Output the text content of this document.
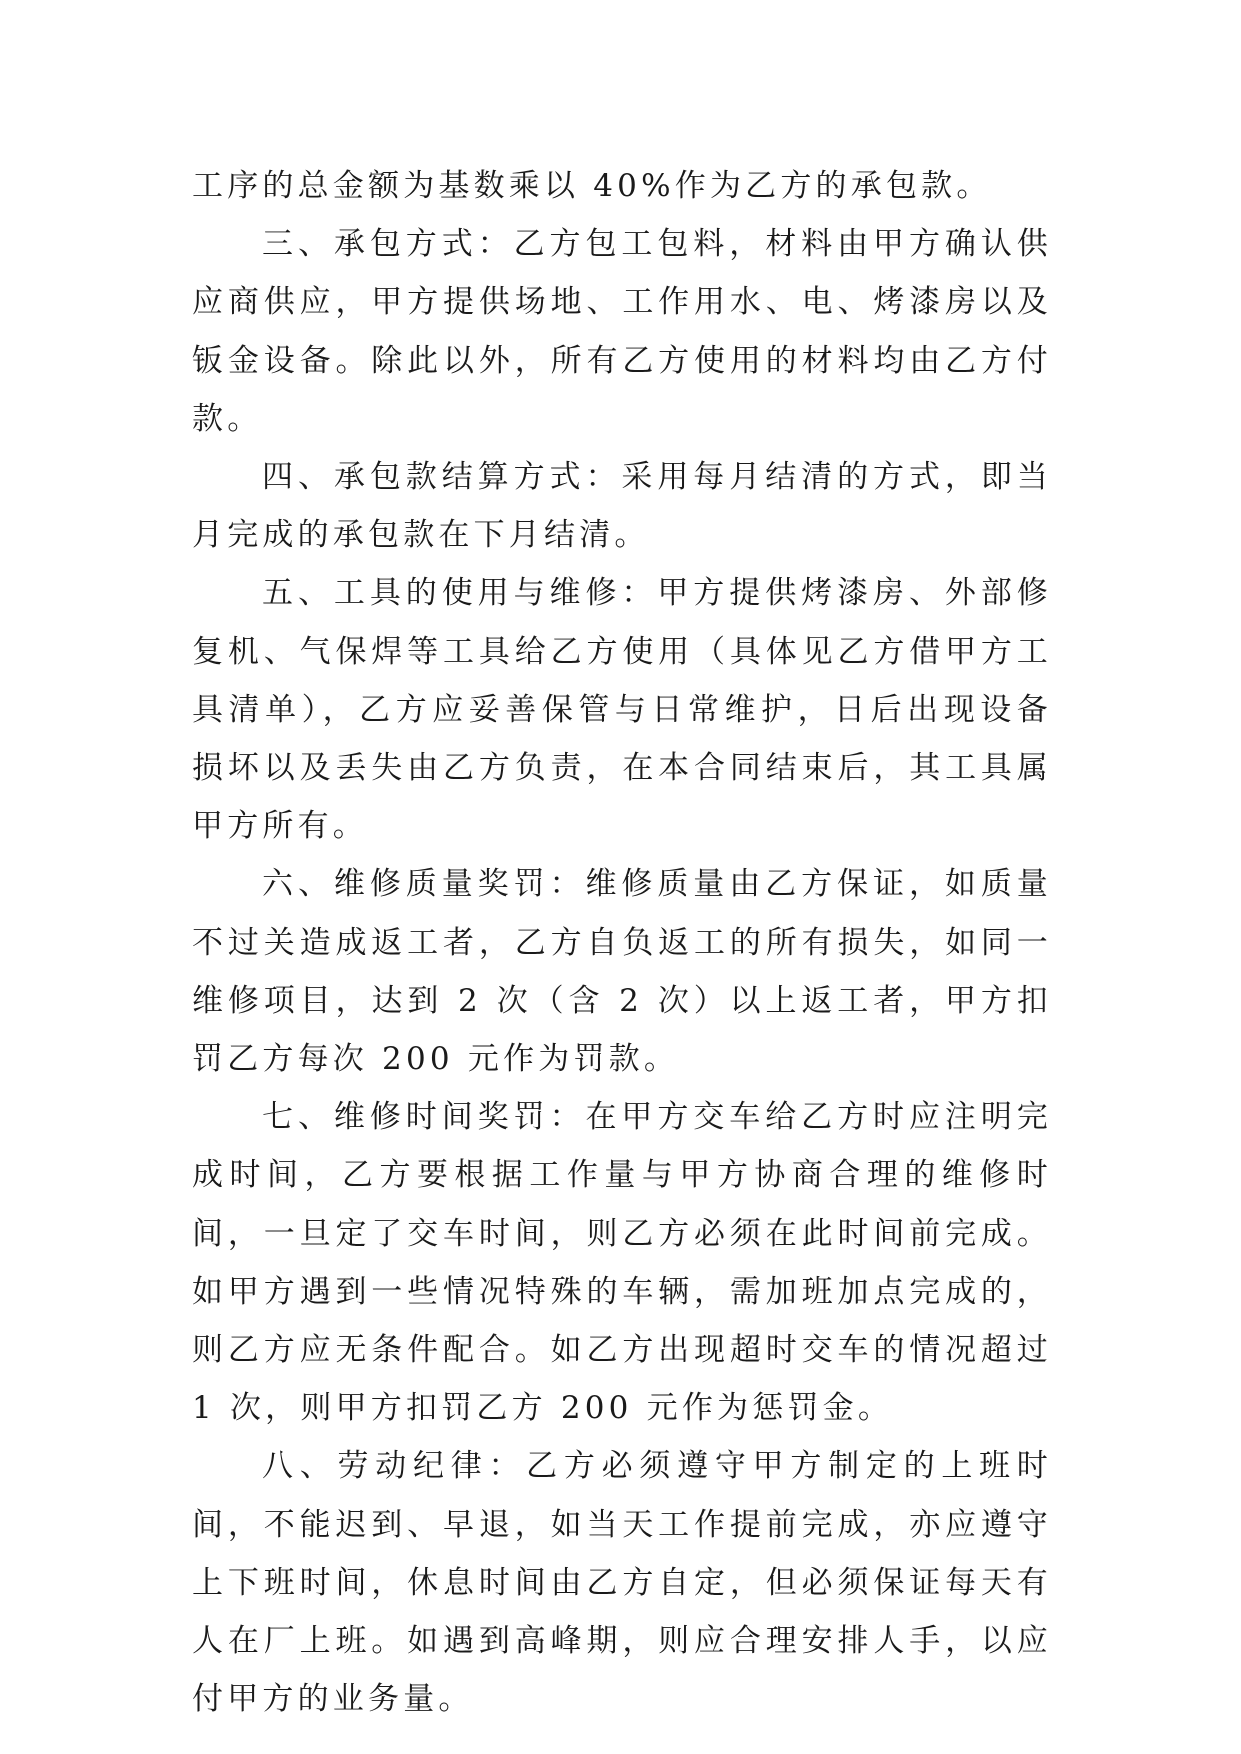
工序的总金额为基数乘以 40%作为乙方的承包款。

三、承包方式：乙方包工包料，材料由甲方确认供应商供应，甲方提供场地、工作用水、电、烤漆房以及钣金设备。除此以外，所有乙方使用的材料均由乙方付款。

四、承包款结算方式：采用每月结清的方式，即当月完成的承包款在下月结清。

五、工具的使用与维修：甲方提供烤漆房、外部修复机、气保焊等工具给乙方使用（具体见乙方借甲方工具清单），乙方应妥善保管与日常维护，日后出现设备损坏以及丢失由乙方负责，在本合同结束后，其工具属甲方所有。

六、维修质量奖罚：维修质量由乙方保证，如质量不过关造成返工者，乙方自负返工的所有损失，如同一维修项目，达到 2 次（含 2 次）以上返工者，甲方扣罚乙方每次 200 元作为罚款。

七、维修时间奖罚：在甲方交车给乙方时应注明完成时间，乙方要根据工作量与甲方协商合理的维修时间，一旦定了交车时间，则乙方必须在此时间前完成。如甲方遇到一些情况特殊的车辆，需加班加点完成的，则乙方应无条件配合。如乙方出现超时交车的情况超过 1 次，则甲方扣罚乙方 200 元作为惩罚金。

八、劳动纪律：乙方必须遵守甲方制定的上班时间，不能迟到、早退，如当天工作提前完成，亦应遵守上下班时间，休息时间由乙方自定，但必须保证每天有人在厂上班。如遇到高峰期，则应合理安排人手，以应付甲方的业务量。
